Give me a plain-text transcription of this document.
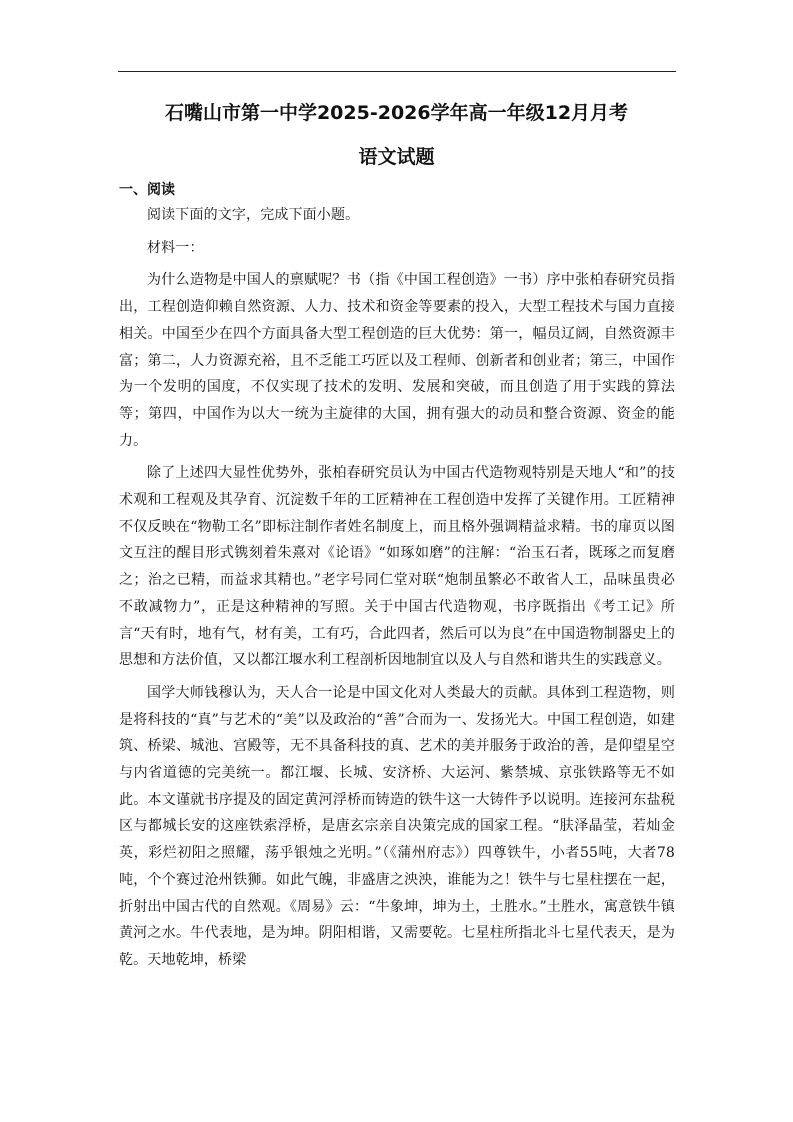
石嘴山市第一中学2025-2026学年高一年级12月月考
语文试题
一、阅读

阅读下面的文字，完成下面小题。

材料一：

为什么造物是中国人的禀赋呢？书（指《中国工程创造》一书）序中张柏春研究员指出，工程创造仰赖自然资源、人力、技术和资金等要素的投入，大型工程技术与国力直接相关。中国至少在四个方面具备大型工程创造的巨大优势：第一，幅员辽阔，自然资源丰富；第二，人力资源充裕，且不乏能工巧匠以及工程师、创新者和创业者；第三，中国作为一个发明的国度，不仅实现了技术的发明、发展和突破，而且创造了用于实践的算法等；第四，中国作为以大一统为主旋律的大国，拥有强大的动员和整合资源、资金的能力。

除了上述四大显性优势外，张柏春研究员认为中国古代造物观特别是天地人“和”的技术观和工程观及其孕育、沉淀数千年的工匠精神在工程创造中发挥了关键作用。工匠精神不仅反映在“物勒工名”即标注制作者姓名制度上，而且格外强调精益求精。书的扉页以图文互注的醒目形式镌刻着朱熹对《论语》“如琢如磨”的注解：“治玉石者，既琢之而复磨之；治之已精，而益求其精也。”老字号同仁堂对联“炮制虽繁必不敢省人工，品味虽贵必不敢减物力”，正是这种精神的写照。关于中国古代造物观，书序既指出《考工记》所言“天有时，地有气，材有美，工有巧，合此四者，然后可以为良”在中国造物制器史上的思想和方法价值，又以都江堰水利工程剖析因地制宜以及人与自然和谐共生的实践意义。

国学大师钱穆认为，天人合一论是中国文化对人类最大的贡献。具体到工程造物，则是将科技的“真”与艺术的“美”以及政治的“善”合而为一、发扬光大。中国工程创造，如建筑、桥梁、城池、宫殿等，无不具备科技的真、艺术的美并服务于政治的善，是仰望星空与内省道德的完美统一。都江堰、长城、安济桥、大运河、紫禁城、京张铁路等无不如此。本文谨就书序提及的固定黄河浮桥而铸造的铁牛这一大铸件予以说明。连接河东盐税区与都城长安的这座铁索浮桥，是唐玄宗亲自决策完成的国家工程。“肤泽晶莹，若灿金英，彩烂初阳之照耀，荡乎银烛之光明。”（《蒲州府志》）四尊铁牛，小者55吨，大者78吨，个个赛过沧州铁狮。如此气魄，非盛唐之泱泱，谁能为之！铁牛与七星柱摆在一起，折射出中国古代的自然观。《周易》云：“牛象坤，坤为土，土胜水。”土胜水，寓意铁牛镇黄河之水。牛代表地，是为坤。阴阳相谐，又需要乾。七星柱所指北斗七星代表天，是为乾。天地乾坤，桥梁
